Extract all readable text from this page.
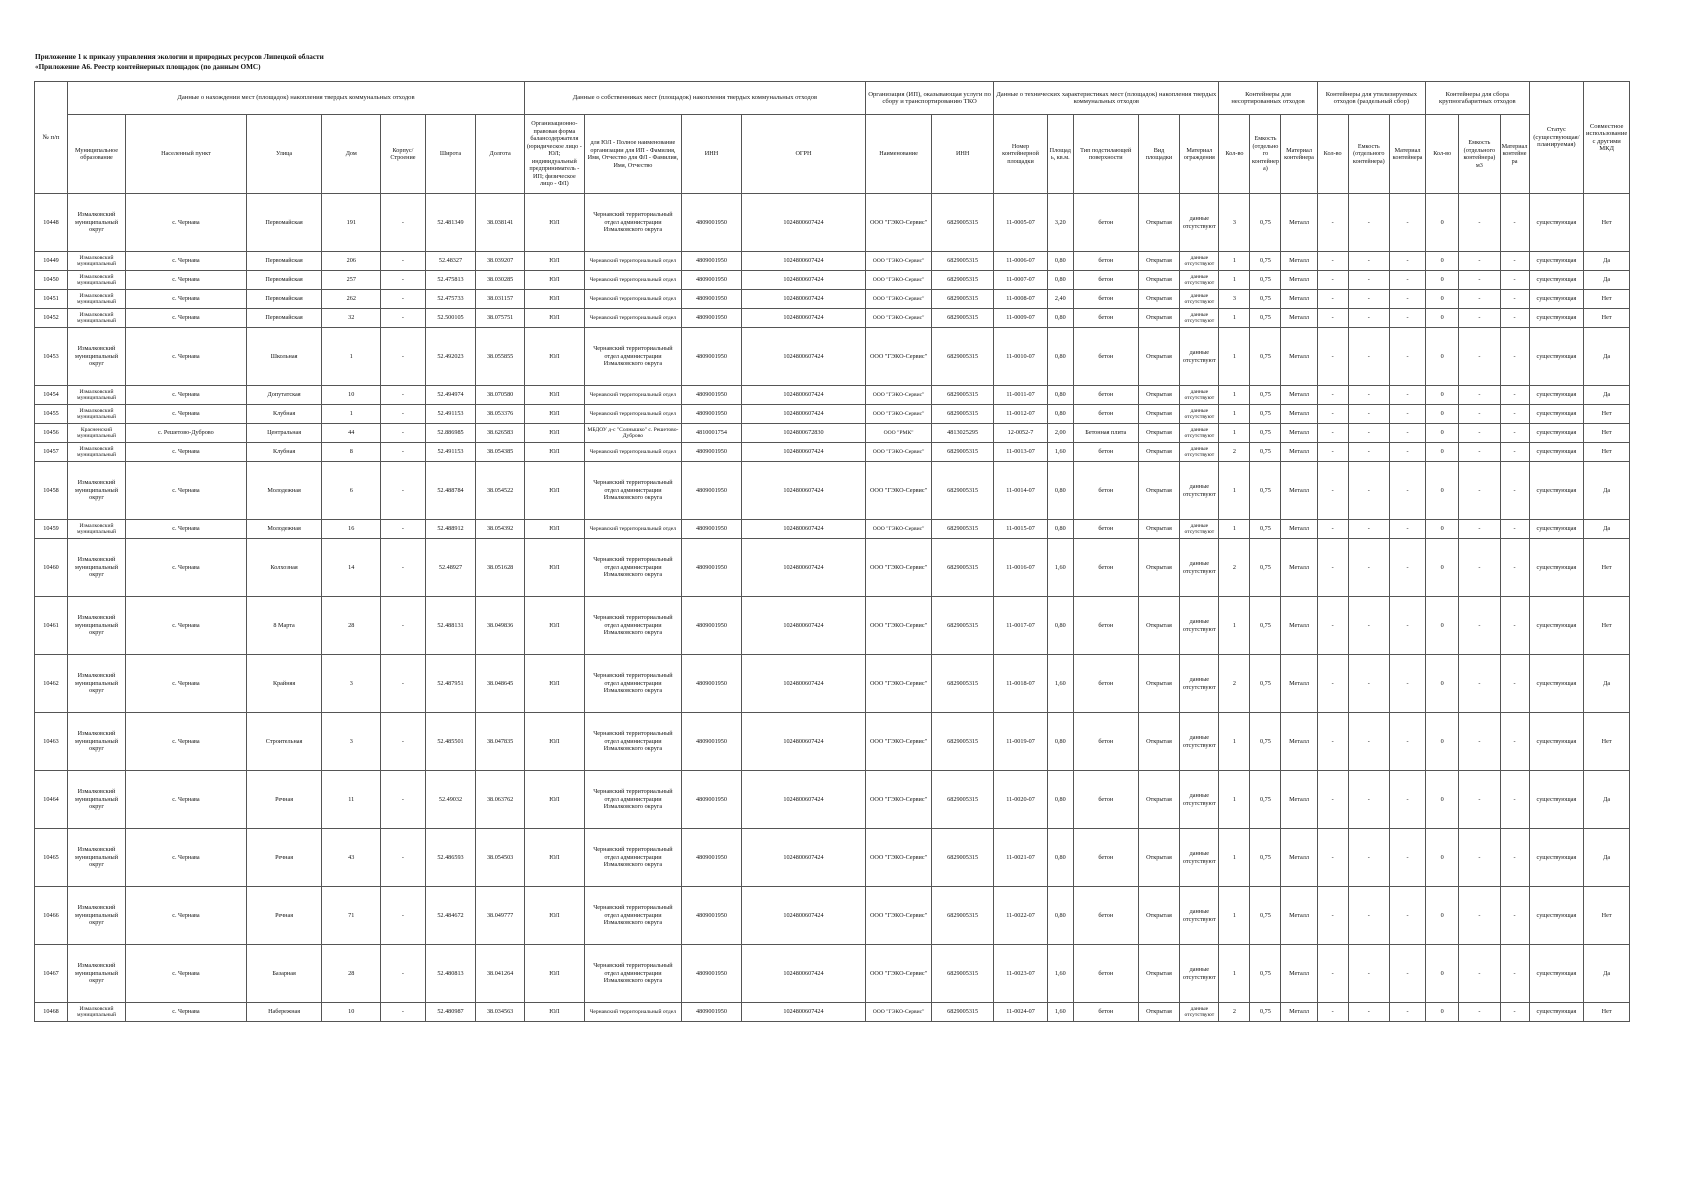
Приложение 1 к приказу управления экологии и природных ресурсов Липецкой области
«Приложение А6. Реестр контейнерных площадок (по данным ОМС)
№ п/п	Данные о нахождении мест (площадок) накопления твердых коммунальных отходов							Данные о собственниках мест (площадок) накопления твердых коммунальных отходов				Организация (ИП), оказывающая услуги по сбору и транспортированию ТКО		Данные о технических характеристиках мест (площадок) накопления твердых коммунальных отходов					Контейнеры для несортированных отходов			Контейнеры для утилизируемых отходов (раздельный сбор)			Контейнеры для сбора крупногабаритных отходов			Статус (существующая/планируемая)	Совместное использование с другими МКД
	Муниципальное образование	Населенный пункт	Улица	Дом	Корпус/Строение	Широта	Долгота	Организационно-правовая форма балансодержателя (юридическое лицо - ЮЛ; индивидуальный предприниматель - ИП; физическое лицо - ФЛ)	для ЮЛ - Полное наименование организации для ИП - Фамилия, Имя, Отчество для ФЛ - Фамилия, Имя, Отчество	ИНН	ОГРН	Наименование	ИНН	Номер контейнерной площадки	Площадь, кв.м.	Тип подстилающей поверхности	Вид площадки	Материал ограждения	Кол-во	Емкость (отдельного контейнера)	Материал контейнера	Кол-во	Емкость (отдельного контейнера)	Материал контейнера	Кол-во	Емкость (отдельного контейнера) м3	Материал контейнера		
10448	Измалковский муниципальный округ	с. Чернава	Первомайская	191	-	52.481349	38.038141	ЮЛ	Чернавский территориальный отдел администрации Измалковского округа	4809001950	1024800607424	ООО "ГЭКО-Сервис"	6829005315	11-0005-07	3,20	бетон	Открытая	данные отсутствуют	3	0,75	Металл	-	-	-	0	-	-	существующая	Нет
10449	Измалковский муниципальный	с. Чернава	Первомайская	206	-	52.48327	38.039207	ЮЛ	Чернавский территориальный отдел	4809001950	1024800607424	ООО "ГЭКО-Сервис"	6829005315	11-0006-07	0,80	бетон	Открытая	данные отсутствуют	1	0,75	Металл	-	-	-	0	-	-	существующая	Да
10450	Измалковский муниципальный	с. Чернава	Первомайская	257	-	52.475813	38.030285	ЮЛ	Чернавский территориальный отдел	4809001950	1024800607424	ООО "ГЭКО-Сервис"	6829005315	11-0007-07	0,80	бетон	Открытая	данные отсутствуют	1	0,75	Металл	-	-	-	0	-	-	существующая	Да
10451	Измалковский муниципальный	с. Чернава	Первомайская	262	-	52.475733	38.031157	ЮЛ	Чернавский территориальный отдел	4809001950	1024800607424	ООО "ГЭКО-Сервис"	6829005315	11-0008-07	2,40	бетон	Открытая	данные отсутствуют	3	0,75	Металл	-	-	-	0	-	-	существующая	Нет
10452	Измалковский муниципальный	с. Чернава	Первомайская	32	-	52.500105	38.075751	ЮЛ	Чернавский территориальный отдел	4809001950	1024800607424	ООО "ГЭКО-Сервис"	6829005315	11-0009-07	0,80	бетон	Открытая	данные отсутствуют	1	0,75	Металл	-	-	-	0	-	-	существующая	Нет
10453	Измалковский муниципальный округ	с. Чернава	Школьная	1	-	52.492023	38.055855	ЮЛ	Чернавский территориальный отдел администрации Измалковского округа	4809001950	1024800607424	ООО "ГЭКО-Сервис"	6829005315	11-0010-07	0,80	бетон	Открытая	данные отсутствуют	1	0,75	Металл	-	-	-	0	-	-	существующая	Да
10454	Измалковский муниципальный	с. Чернава	Допутатская	10	-	52.494974	38.070580	ЮЛ	Чернавский территориальный отдел	4809001950	1024800607424	ООО "ГЭКО-Сервис"	6829005315	11-0011-07	0,80	бетон	Открытая	данные отсутствуют	1	0,75	Металл	-	-	-	0	-	-	существующая	Да
10455	Измалковский муниципальный	с. Чернава	Клубная	1	-	52.491153	38.053376	ЮЛ	Чернавский территориальный отдел	4809001950	1024800607424	ООО "ГЭКО-Сервис"	6829005315	11-0012-07	0,80	бетон	Открытая	данные отсутствуют	1	0,75	Металл	-	-	-	0	-	-	существующая	Нет
10456	Красненский муниципальный	с. Решетово-Дуброво	Центральная	44	-	52.886985	38.626583	ЮЛ	МБДОУ д-с "Солнышко" с. Решетово-Дуброво	4810001754	1024800672830	ООО "РМК"	4813025295	12-0052-7	2,00	Бетонная плита	Открытая	данные отсутствуют	1	0,75	Металл	-	-	-	0	-	-	существующая	Нет
10457	Измалковский муниципальный	с. Чернава	Клубная	8	-	52.491153	38.054385	ЮЛ	Чернавский территориальный отдел	4809001950	1024800607424	ООО "ГЭКО-Сервис"	6829005315	11-0013-07	1,60	бетон	Открытая	данные отсутствуют	2	0,75	Металл	-	-	-	0	-	-	существующая	Нет
10458	Измалковский муниципальный округ	с. Чернава	Молодежная	6	-	52.488784	38.054522	ЮЛ	Чернавский территориальный отдел администрации Измалковского округа	4809001950	1024800607424	ООО "ГЭКО-Сервис"	6829005315	11-0014-07	0,80	бетон	Открытая	данные отсутствуют	1	0,75	Металл	-	-	-	0	-	-	существующая	Да
10459	Измалковский муниципальный	с. Чернава	Молодежная	16	-	52.488912	38.054392	ЮЛ	Чернавский территориальный отдел	4809001950	1024800607424	ООО "ГЭКО-Сервис"	6829005315	11-0015-07	0,80	бетон	Открытая	данные отсутствуют	1	0,75	Металл	-	-	-	0	-	-	существующая	Да
10460	Измалковский муниципальный округ	с. Чернава	Колхозная	14	-	52.48927	38.051628	ЮЛ	Чернавский территориальный отдел администрации Измалковского округа	4809001950	1024800607424	ООО "ГЭКО-Сервис"	6829005315	11-0016-07	1,60	бетон	Открытая	данные отсутствуют	2	0,75	Металл	-	-	-	0	-	-	существующая	Нет
10461	Измалковский муниципальный округ	с. Чернава	8 Марта	28	-	52.488131	38.049836	ЮЛ	Чернавский территориальный отдел администрации Измалковского округа	4809001950	1024800607424	ООО "ГЭКО-Сервис"	6829005315	11-0017-07	0,80	бетон	Открытая	данные отсутствуют	1	0,75	Металл	-	-	-	0	-	-	существующая	Нет
10462	Измалковский муниципальный округ	с. Чернава	Крайняя	3	-	52.487951	38.048645	ЮЛ	Чернавский территориальный отдел администрации Измалковского округа	4809001950	1024800607424	ООО "ГЭКО-Сервис"	6829005315	11-0018-07	1,60	бетон	Открытая	данные отсутствуют	2	0,75	Металл	-	-	-	0	-	-	существующая	Да
10463	Измалковский муниципальный округ	с. Чернава	Строительная	3	-	52.485501	38.047835	ЮЛ	Чернавский территориальный отдел администрации Измалковского округа	4809001950	1024800607424	ООО "ГЭКО-Сервис"	6829005315	11-0019-07	0,80	бетон	Открытая	данные отсутствуют	1	0,75	Металл	-	-	-	0	-	-	существующая	Нет
10464	Измалковский муниципальный округ	с. Чернава	Речная	11	-	52.49032	38.063762	ЮЛ	Чернавский территориальный отдел администрации Измалковского округа	4809001950	1024800607424	ООО "ГЭКО-Сервис"	6829005315	11-0020-07	0,80	бетон	Открытая	данные отсутствуют	1	0,75	Металл	-	-	-	0	-	-	существующая	Да
10465	Измалковский муниципальный округ	с. Чернава	Речная	43	-	52.486593	38.054503	ЮЛ	Чернавский территориальный отдел администрации Измалковского округа	4809001950	1024800607424	ООО "ГЭКО-Сервис"	6829005315	11-0021-07	0,80	бетон	Открытая	данные отсутствуют	1	0,75	Металл	-	-	-	0	-	-	существующая	Да
10466	Измалковский муниципальный округ	с. Чернава	Речная	71	-	52.484672	38.049777	ЮЛ	Чернавский территориальный отдел администрации Измалковского округа	4809001950	1024800607424	ООО "ГЭКО-Сервис"	6829005315	11-0022-07	0,80	бетон	Открытая	данные отсутствуют	1	0,75	Металл	-	-	-	0	-	-	существующая	Нет
10467	Измалковский муниципальный округ	с. Чернава	Базарная	28	-	52.480813	38.041264	ЮЛ	Чернавский территориальный отдел администрации Измалковского округа	4809001950	1024800607424	ООО "ГЭКО-Сервис"	6829005315	11-0023-07	1,60	бетон	Открытая	данные отсутствуют	1	0,75	Металл	-	-	-	0	-	-	существующая	Да
10468	Измалковский муниципальный	с. Чернава	Набережная	10	-	52.480987	38.034563	ЮЛ	Чернавский территориальный отдел	4809001950	1024800607424	ООО "ГЭКО-Сервис"	6829005315	11-0024-07	1,60	бетон	Открытая	данные отсутствуют	2	0,75	Металл	-	-	-	0	-	-	существующая	Нет
